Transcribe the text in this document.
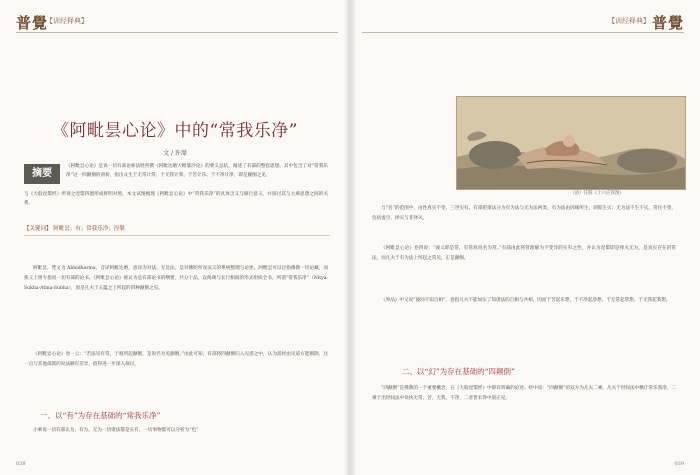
普覺
【训经释典】
《阿毗昙心论》中的“常我乐净”
文 / 许濛
摘要
《阿毗昙心论》是说一切有部论师法胜所撰《阿毗达磨大毗婆沙论》的要义总结，阐述了有部的整套思想。其中包含了对“常我乐净”这一四颠倒的剖析，指出众生于无常计常、于无我计我、于苦计乐、于不净计净，即是颠倒之见，
与《大般涅槃经》所说之涅槃四德形成鲜明对照，本文试图梳理《阿毗昙心论》中“常我乐净”的具体含义与修行意义，并探讨其与大乘思想之间的关系。
【关键词】 阿毗昙；有；常我乐净；涅槃
阿毗昙，梵文为 Abhidharma，音译阿毗达磨，意译为对法、无比法，是对佛陀所说法义的系统整理与论述。阿毗昙可以泛指佛教一切论藏，而狭义上则专指说一切有部的论书。《阿毗昙心论》被认为是有部论书的纲要，共分十品，以偈颂与长行相间的形式组织全书。所谓“常我乐净”（Nitya-Sukha-Atma-Subha），原是凡夫于五蕴之上所起的四种颠倒之见。
《阿毗昙心论》卷一云：“若法见有常，于彼所起颠倒，是说名为见颠倒。”由此可知，有部将四颠倒归入见惑之中，认为需经由见道方能断除，这一点与其他部派的说法颇有差异，值得进一步深入探讨。
一、以“有”为存在基础的“常我乐净”
小乘说一切有部认为，有为、无为一切诸法都是实有，一切事物都可以分析为“色”
038
普覺
【训经释典】
（清）任熊《十六应真图》
与“名”的范围中，由性真实不变、三世实有。有部把诸法分为有为法与无为法两类，有为法由因缘所生，刹那生灭；无为法不生不灭，常住不变，包括虚空、择灭与非择灭。
《阿毗昙心论》卷四说：“彼义即是常，有常故说名为常。”有部由此将常理解为不变异的实有之性，并认为涅槃即是择灭无为，是真实存在的常法，而凡夫于有为法上所起之常见，正是颠倒。
《界品》中又说“彼同不知自相”，意指凡夫不能如实了知诸法的自相与共相，因而于苦起乐想，于不净起净想，于无常起常想，于无我起我想。
二、以“幻”为存在基础的“四颠倒”
“四颠倒”是佛教的一个重要概念，在《大般涅槃经》中即有明确的论述。经中说：“四颠倒”的双方为凡夫二乘。凡夫于世间法中横计常乐我净，二乘于出世间法中误执无常、苦、无我、不净，二者皆未得中道正见。
039
